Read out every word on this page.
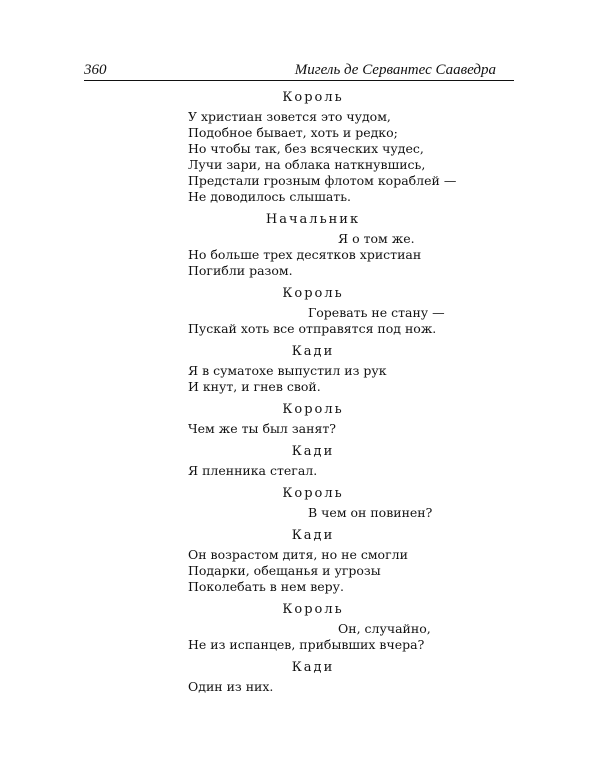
360	Мигель де Сервантес Сааведра
Король
У христиан зовется это чудом,
Подобное бывает, хоть и редко;
Но чтобы так, без всяческих чудес,
Лучи зари, на облака наткнувшись,
Предстали грозным флотом кораблей —
Не доводилось слышать.
Начальник
Я о том же.
Но больше трех десятков христиан
Погибли разом.
Король
Горевать не стану —
Пускай хоть все отправятся под нож.
Кади
Я в суматохе выпустил из рук
И кнут, и гнев свой.
Король
Чем же ты был занят?
Кади
Я пленника стегал.
Король
В чем он повинен?
Кади
Он возрастом дитя, но не смогли
Подарки, обещанья и угрозы
Поколебать в нем веру.
Король
Он, случайно,
Не из испанцев, прибывших вчера?
Кади
Один из них.
